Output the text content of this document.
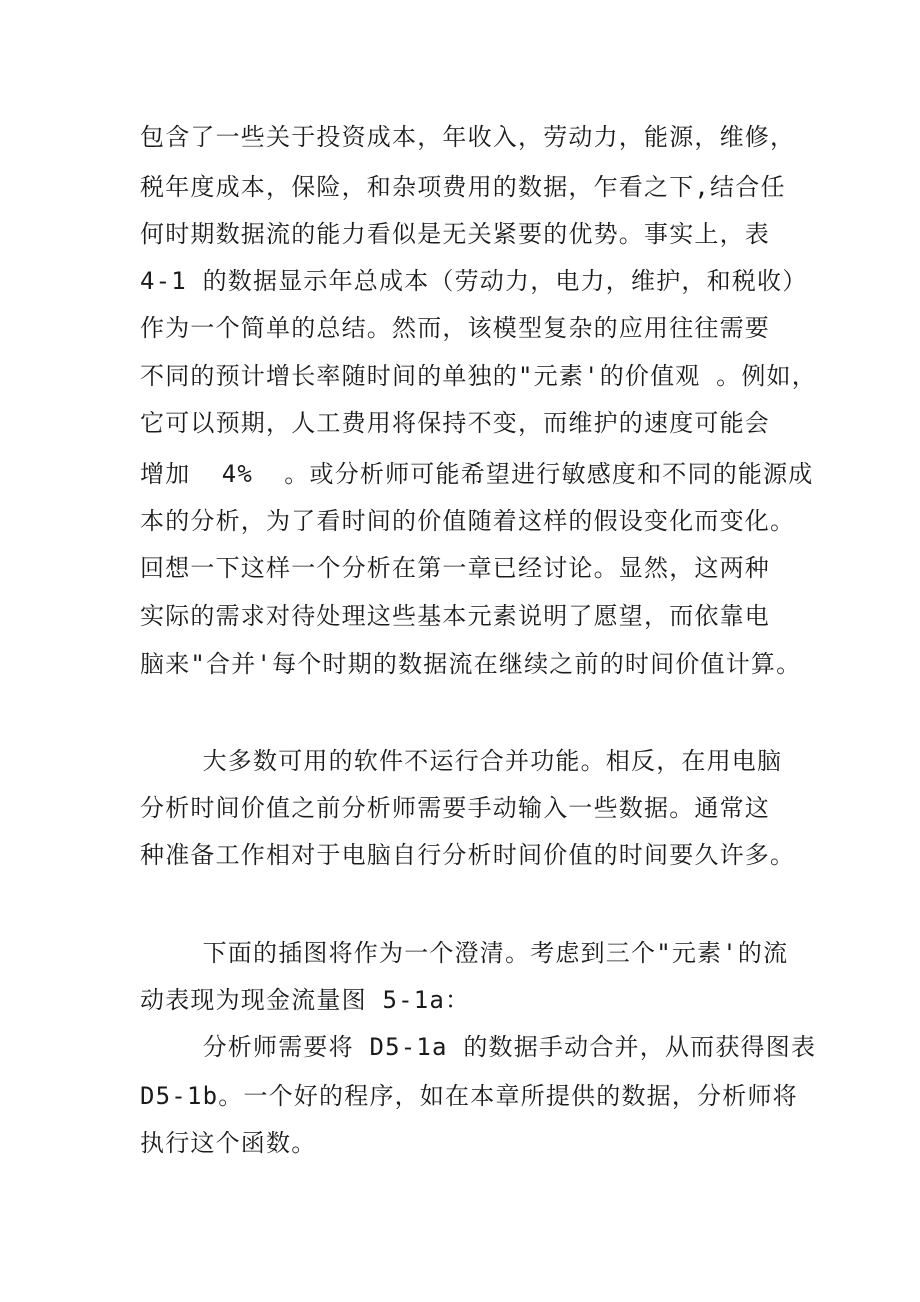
包含了一些关于投资成本，年收入，劳动力，能源，维修，
税年度成本，保险，和杂项费用的数据，乍看之下,结合任
何时期数据流的能力看似是无关紧要的优势。事实上，表
4-1 的数据显示年总成本（劳动力，电力，维护，和税收）
作为一个简单的总结。然而，该模型复杂的应用往往需要
不同的预计增长率随时间的单独的"元素'的价值观 。例如，
它可以预期，人工费用将保持不变，而维护的速度可能会
增加  4%  。或分析师可能希望进行敏感度和不同的能源成
本的分析，为了看时间的价值随着这样的假设变化而变化。
回想一下这样一个分析在第一章已经讨论。显然，这两种
实际的需求对待处理这些基本元素说明了愿望，而依靠电
脑来"合并'每个时期的数据流在继续之前的时间价值计算。
大多数可用的软件不运行合并功能。相反，在用电脑
分析时间价值之前分析师需要手动输入一些数据。通常这
种准备工作相对于电脑自行分析时间价值的时间要久许多。
下面的插图将作为一个澄清。考虑到三个"元素'的流
动表现为现金流量图 5-1a：
分析师需要将 D5-1a 的数据手动合并，从而获得图表
D5-1b。一个好的程序，如在本章所提供的数据，分析师将
执行这个函数。
